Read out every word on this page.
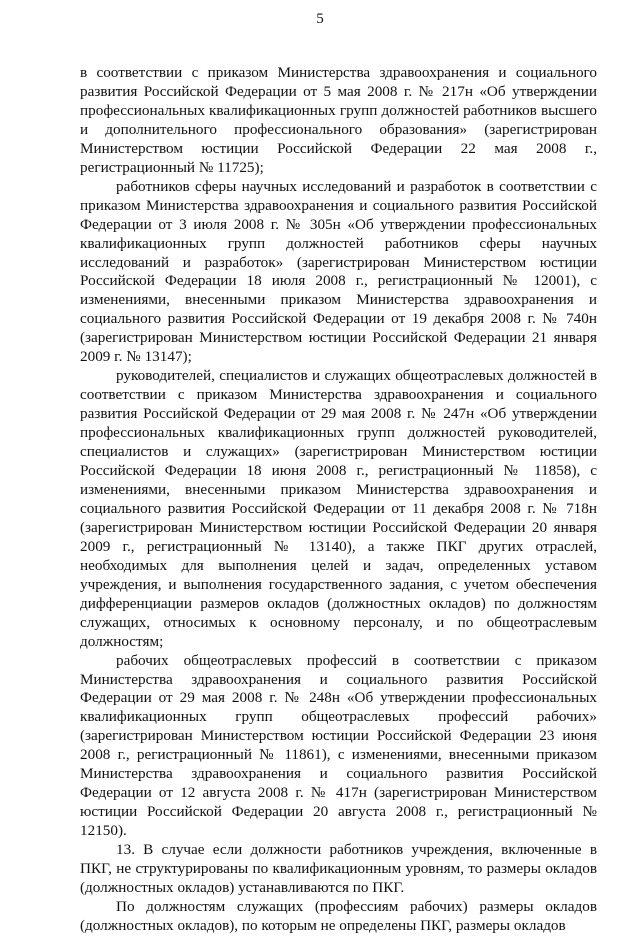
5

в соответствии с приказом Министерства здравоохранения и социального развития Российской Федерации от 5 мая 2008 г. № 217н «Об утверждении профессиональных квалификационных групп должностей работников высшего и дополнительного профессионального образования» (зарегистрирован Министерством юстиции Российской Федерации 22 мая 2008 г., регистрационный № 11725);

работников сферы научных исследований и разработок в соответствии с приказом Министерства здравоохранения и социального развития Российской Федерации от 3 июля 2008 г. № 305н «Об утверждении профессиональных квалификационных групп должностей работников сферы научных исследований и разработок» (зарегистрирован Министерством юстиции Российской Федерации 18 июля 2008 г., регистрационный № 12001), с изменениями, внесенными приказом Министерства здравоохранения и социального развития Российской Федерации от 19 декабря 2008 г. № 740н (зарегистрирован Министерством юстиции Российской Федерации 21 января 2009 г. № 13147);

руководителей, специалистов и служащих общеотраслевых должностей в соответствии с приказом Министерства здравоохранения и социального развития Российской Федерации от 29 мая 2008 г. № 247н «Об утверждении профессиональных квалификационных групп должностей руководителей, специалистов и служащих» (зарегистрирован Министерством юстиции Российской Федерации 18 июня 2008 г., регистрационный № 11858), с изменениями, внесенными приказом Министерства здравоохранения и социального развития Российской Федерации от 11 декабря 2008 г. № 718н (зарегистрирован Министерством юстиции Российской Федерации 20 января 2009 г., регистрационный № 13140), а также ПКГ других отраслей, необходимых для выполнения целей и задач, определенных уставом учреждения, и выполнения государственного задания, с учетом обеспечения дифференциации размеров окладов (должностных окладов) по должностям служащих, относимых к основному персоналу, и по общеотраслевым должностям;

рабочих общеотраслевых профессий в соответствии с приказом Министерства здравоохранения и социального развития Российской Федерации от 29 мая 2008 г. № 248н «Об утверждении профессиональных квалификационных групп общеотраслевых профессий рабочих» (зарегистрирован Министерством юстиции Российской Федерации 23 июня 2008 г., регистрационный № 11861), с изменениями, внесенными приказом Министерства здравоохранения и социального развития Российской Федерации от 12 августа 2008 г. № 417н (зарегистрирован Министерством юстиции Российской Федерации 20 августа 2008 г., регистрационный № 12150).

13. В случае если должности работников учреждения, включенные в ПКГ, не структурированы по квалификационным уровням, то размеры окладов (должностных окладов) устанавливаются по ПКГ.

По должностям служащих (профессиям рабочих) размеры окладов (должностных окладов), по которым не определены ПКГ, размеры окладов
